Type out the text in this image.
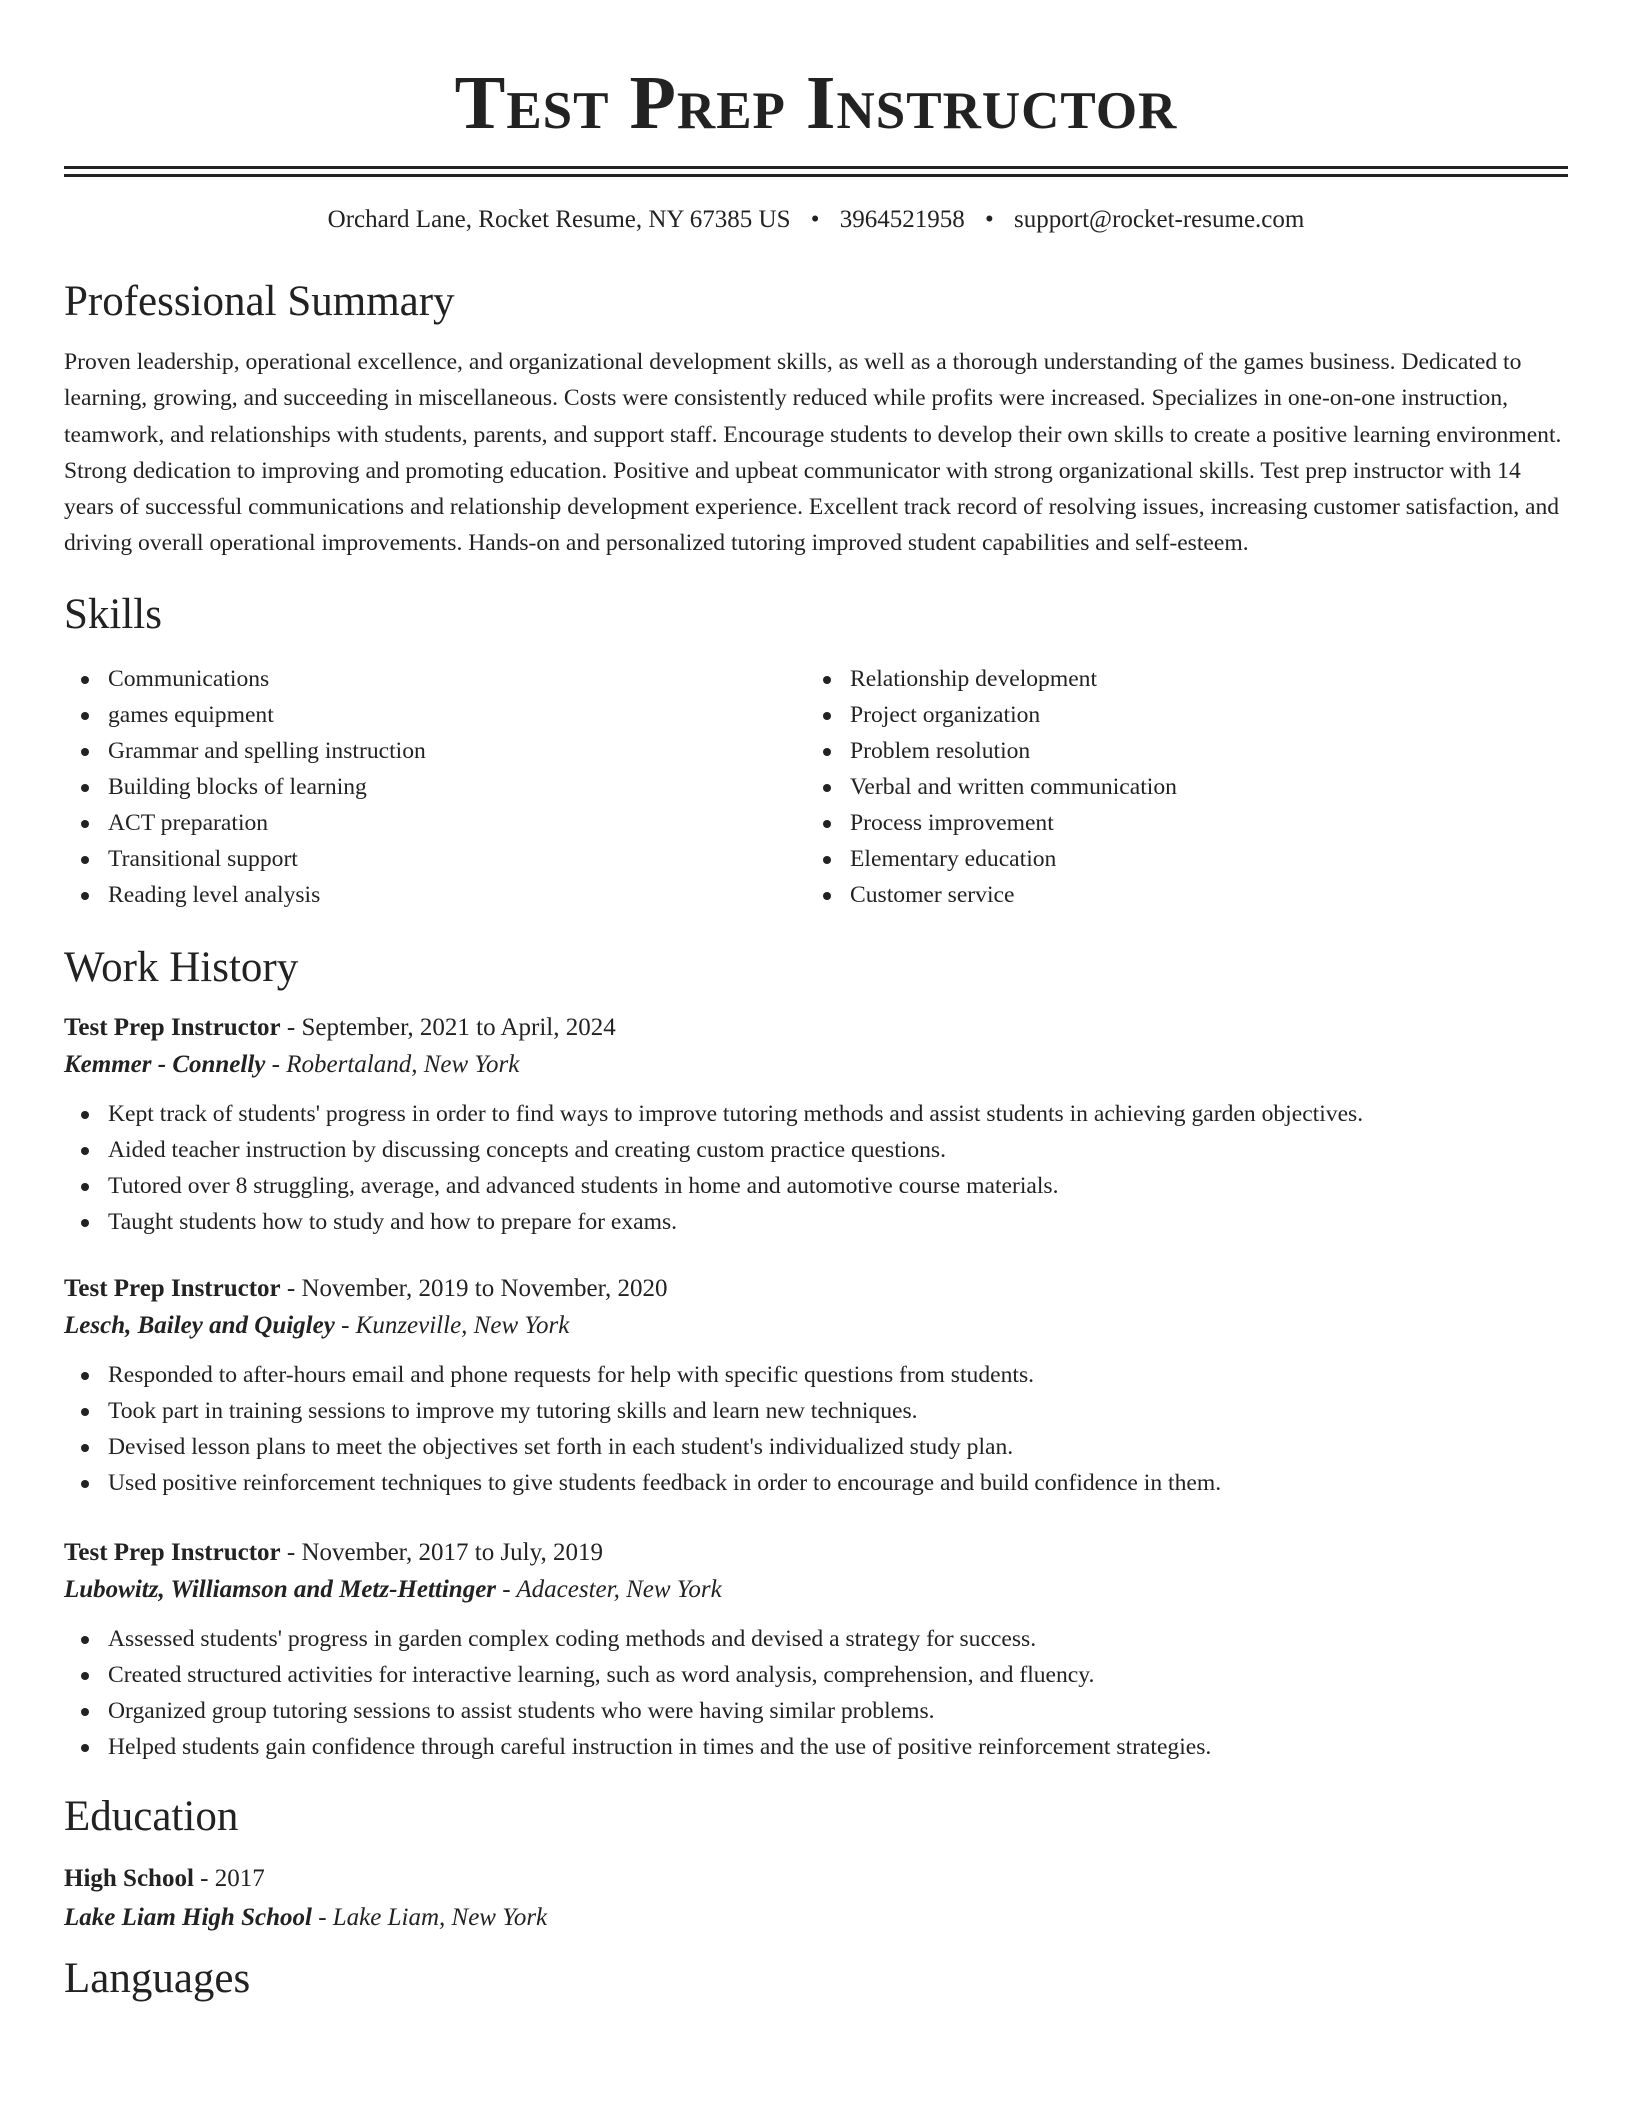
Test Prep Instructor
Orchard Lane, Rocket Resume, NY 67385 US • 3964521958 • support@rocket-resume.com
Professional Summary

Proven leadership, operational excellence, and organizational development skills, as well as a thorough understanding of the games business. Dedicated to learning, growing, and succeeding in miscellaneous. Costs were consistently reduced while profits were increased. Specializes in one-on-one instruction, teamwork, and relationships with students, parents, and support staff. Encourage students to develop their own skills to create a positive learning environment. Strong dedication to improving and promoting education. Positive and upbeat communicator with strong organizational skills. Test prep instructor with 14 years of successful communications and relationship development experience. Excellent track record of resolving issues, increasing customer satisfaction, and driving overall operational improvements. Hands-on and personalized tutoring improved student capabilities and self-esteem.

Skills
Communications
games equipment
Grammar and spelling instruction
Building blocks of learning
ACT preparation
Transitional support
Reading level analysis
Relationship development
Project organization
Problem resolution
Verbal and written communication
Process improvement
Elementary education
Customer service
Work History
Test Prep Instructor - September, 2021 to April, 2024
Kemmer - Connelly - Robertaland, New York
Kept track of students' progress in order to find ways to improve tutoring methods and assist students in achieving garden objectives.
Aided teacher instruction by discussing concepts and creating custom practice questions.
Tutored over 8 struggling, average, and advanced students in home and automotive course materials.
Taught students how to study and how to prepare for exams.
Test Prep Instructor - November, 2019 to November, 2020
Lesch, Bailey and Quigley - Kunzeville, New York
Responded to after-hours email and phone requests for help with specific questions from students.
Took part in training sessions to improve my tutoring skills and learn new techniques.
Devised lesson plans to meet the objectives set forth in each student's individualized study plan.
Used positive reinforcement techniques to give students feedback in order to encourage and build confidence in them.
Test Prep Instructor - November, 2017 to July, 2019
Lubowitz, Williamson and Metz-Hettinger - Adacester, New York
Assessed students' progress in garden complex coding methods and devised a strategy for success.
Created structured activities for interactive learning, such as word analysis, comprehension, and fluency.
Organized group tutoring sessions to assist students who were having similar problems.
Helped students gain confidence through careful instruction in times and the use of positive reinforcement strategies.
Education
High School - 2017
Lake Liam High School - Lake Liam, New York
Languages
